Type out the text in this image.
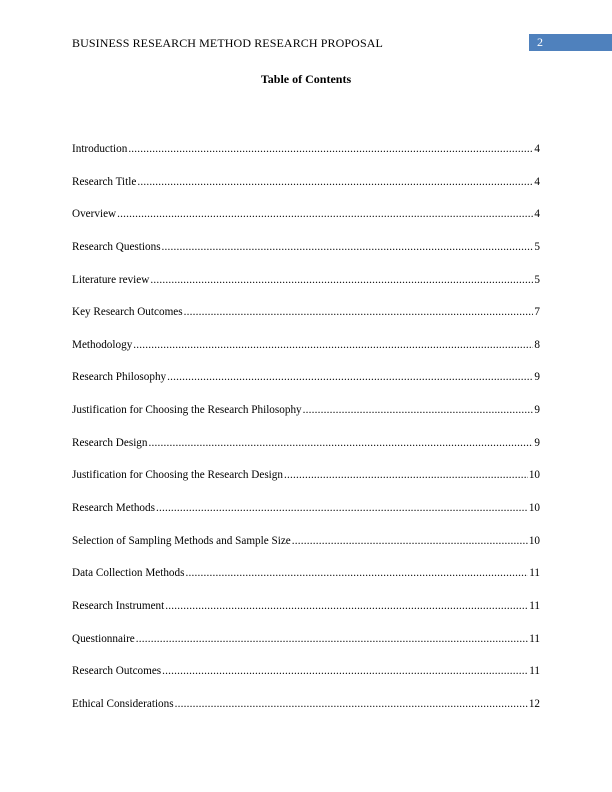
BUSINESS RESEARCH METHOD RESEARCH PROPOSAL	2
Table of Contents
Introduction .....	4
Research Title .....	4
Overview .....	4
Research Questions .....	5
Literature review .....	5
Key Research Outcomes .....	7
Methodology .....	8
Research Philosophy .....	9
Justification for Choosing the Research Philosophy .....	9
Research Design .....	9
Justification for Choosing the Research Design .....	10
Research Methods .....	10
Selection of Sampling Methods and Sample Size .....	10
Data Collection Methods .....	11
Research Instrument .....	11
Questionnaire .....	11
Research Outcomes .....	11
Ethical Considerations .....	12
